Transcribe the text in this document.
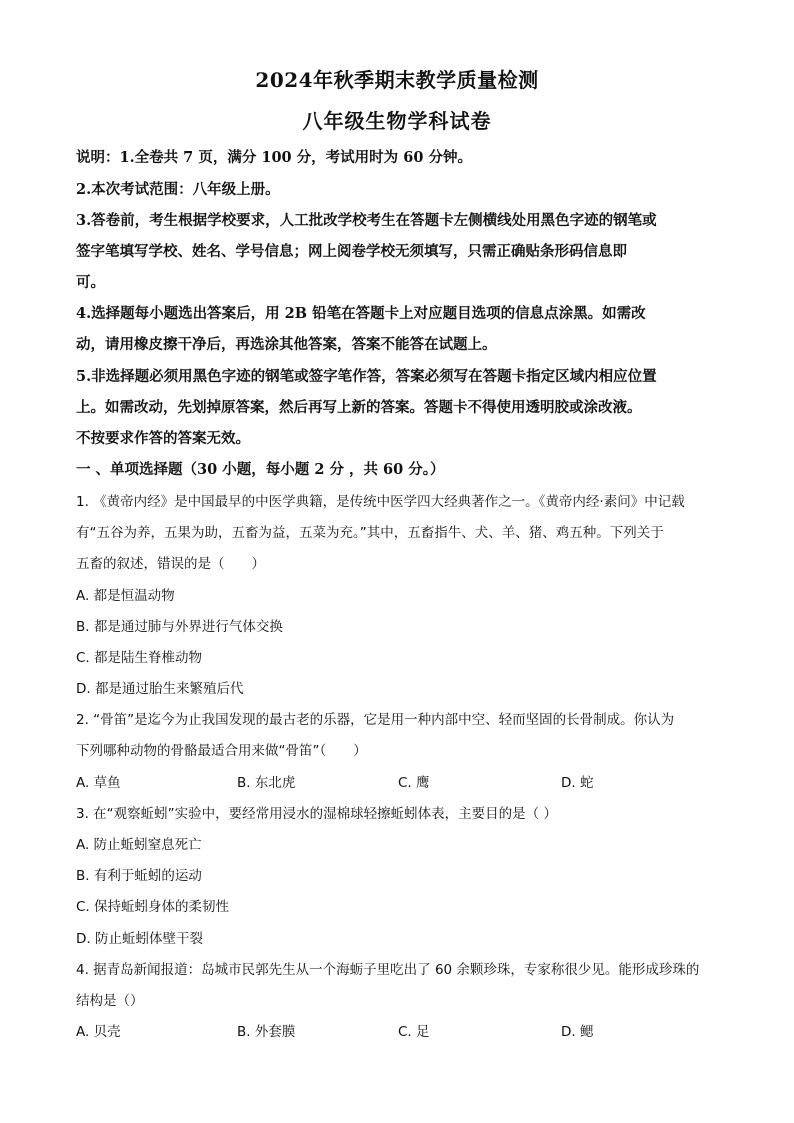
2024年秋季期末教学质量检测
八年级生物学科试卷
说明：1.全卷共 7 页，满分 100 分，考试用时为 60 分钟。
2.本次考试范围：八年级上册。
3.答卷前，考生根据学校要求，人工批改学校考生在答题卡左侧横线处用黑色字迹的钢笔或
签字笔填写学校、姓名、学号信息；网上阅卷学校无须填写，只需正确贴条形码信息即
可。
4.选择题每小题选出答案后，用 2B 铅笔在答题卡上对应题目选项的信息点涂黑。如需改
动，请用橡皮擦干净后，再选涂其他答案，答案不能答在试题上。
5.非选择题必须用黑色字迹的钢笔或签字笔作答，答案必须写在答题卡指定区域内相应位置
上。如需改动，先划掉原答案，然后再写上新的答案。答题卡不得使用透明胶或涂改液。
不按要求作答的答案无效。
一 、单项选择题（30 小题，每小题 2 分 ，共 60 分。）
1. 《黄帝内经》是中国最早的中医学典籍，是传统中医学四大经典著作之一。《黄帝内经·素问》中记载
有“五谷为养，五果为助，五畜为益，五菜为充。”其中，五畜指牛、犬、羊、猪、鸡五种。下列关于
五畜的叙述，错误的是（　　）
A. 都是恒温动物
B. 都是通过肺与外界进行气体交换
C. 都是陆生脊椎动物
D. 都是通过胎生来繁殖后代
2. “骨笛”是迄今为止我国发现的最古老的乐器，它是用一种内部中空、轻而坚固的长骨制成。你认为
下列哪种动物的骨骼最适合用来做“骨笛”（　　）
A. 草鱼	B. 东北虎	C. 鹰	D. 蛇
3. 在“观察蚯蚓”实验中，要经常用浸水的湿棉球轻擦蚯蚓体表，主要目的是（ ）
A. 防止蚯蚓窒息死亡
B. 有利于蚯蚓的运动
C. 保持蚯蚓身体的柔韧性
D. 防止蚯蚓体壁干裂
4. 据青岛新闻报道：岛城市民郭先生从一个海蛎子里吃出了 60 余颗珍珠，专家称很少见。能形成珍珠的
结构是（）
A. 贝壳	B. 外套膜	C. 足	D. 鳃
